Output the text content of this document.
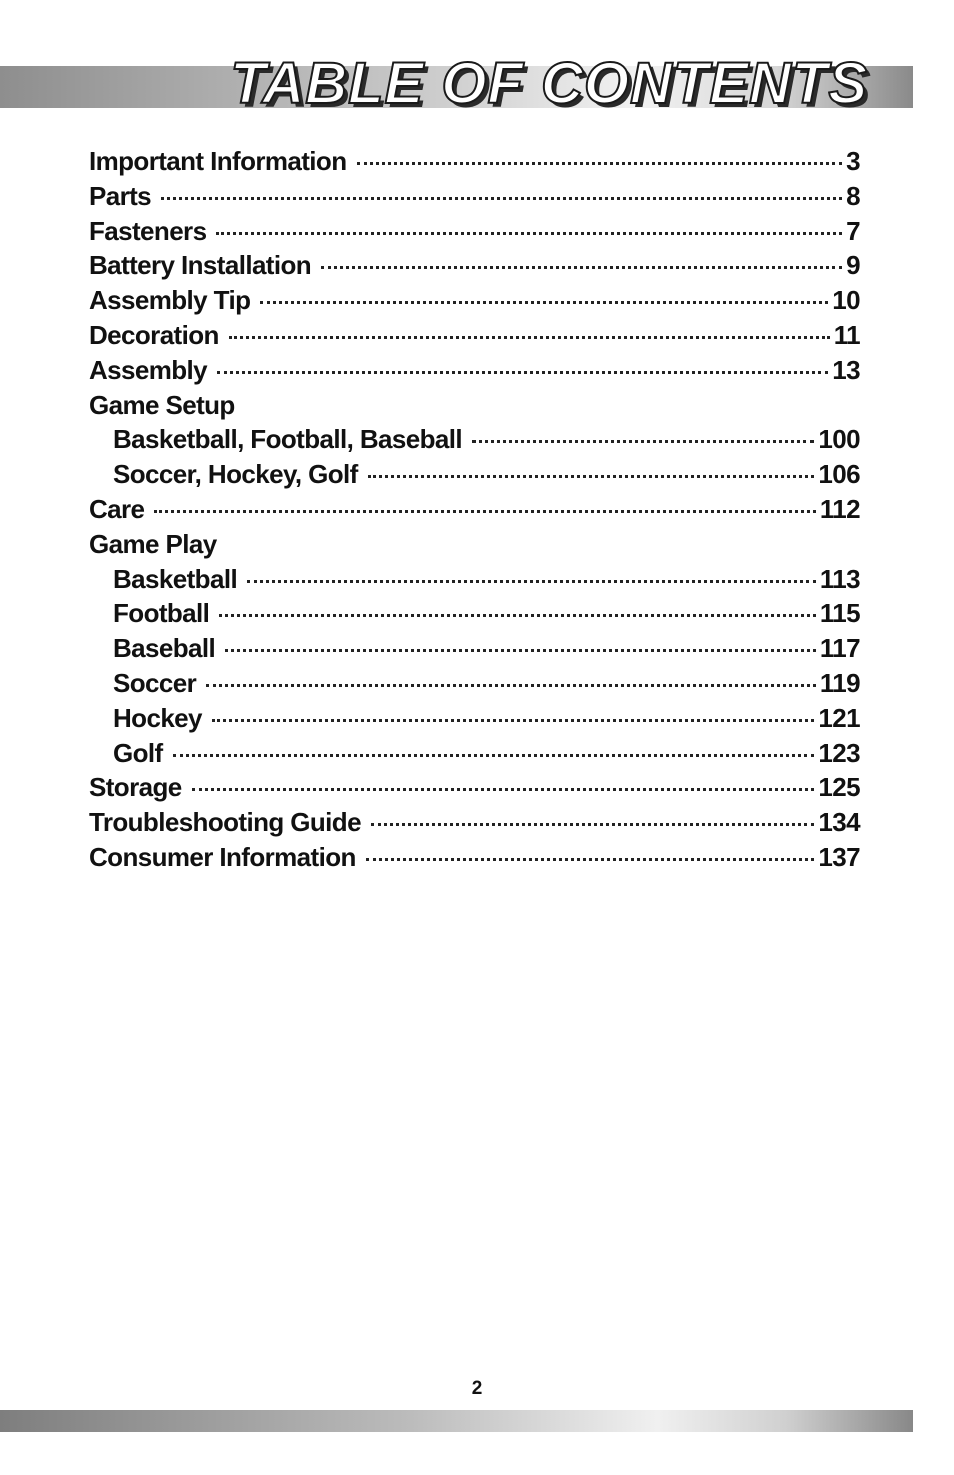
TABLE OF CONTENTS
Important Information	3
Parts	8
Fasteners	7
Battery Installation	9
Assembly Tip	10
Decoration	11
Assembly	13
Game Setup
Basketball, Football, Baseball	100
Soccer, Hockey, Golf	106
Care	112
Game Play
Basketball	113
Football	115
Baseball	117
Soccer	119
Hockey	121
Golf	123
Storage	125
Troubleshooting Guide	134
Consumer Information	137
2
